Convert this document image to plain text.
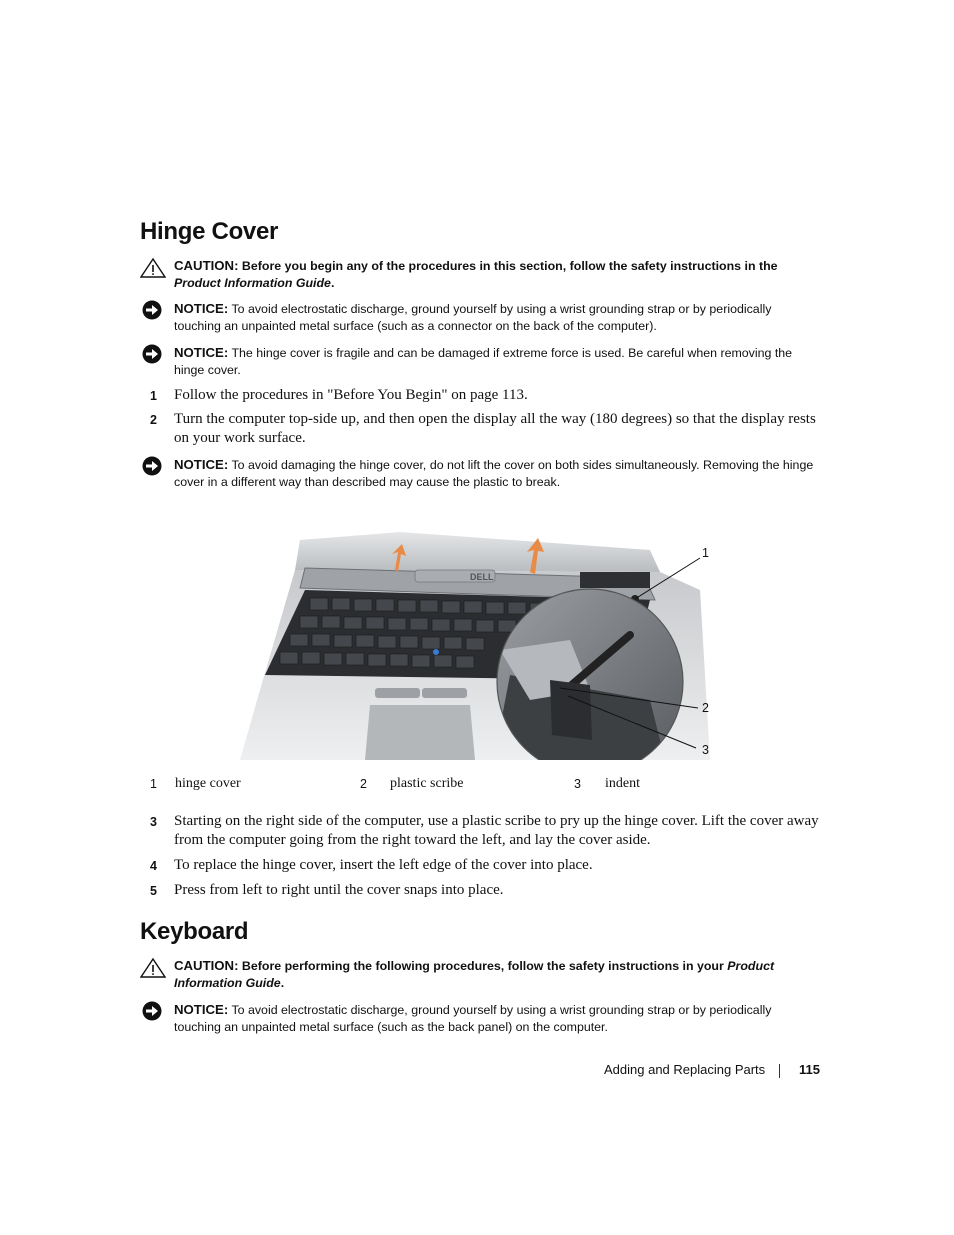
Hinge Cover
CAUTION: Before you begin any of the procedures in this section, follow the safety instructions in the Product Information Guide.
NOTICE: To avoid electrostatic discharge, ground yourself by using a wrist grounding strap or by periodically touching an unpainted metal surface (such as a connector on the back of the computer).
NOTICE: The hinge cover is fragile and can be damaged if extreme force is used. Be careful when removing the hinge cover.
1 Follow the procedures in "Before You Begin" on page 113.
2 Turn the computer top-side up, and then open the display all the way (180 degrees) so that the display rests on your work surface.
NOTICE: To avoid damaging the hinge cover, do not lift the cover on both sides simultaneously. Removing the hinge cover in a different way than described may cause the plastic to break.
DELL
1
2
3
1 hinge cover	2 plastic scribe	3 indent
3 Starting on the right side of the computer, use a plastic scribe to pry up the hinge cover. Lift the cover away from the computer going from the right toward the left, and lay the cover aside.
4 To replace the hinge cover, insert the left edge of the cover into place.
5 Press from left to right until the cover snaps into place.
Keyboard
CAUTION: Before performing the following procedures, follow the safety instructions in your Product Information Guide.
NOTICE: To avoid electrostatic discharge, ground yourself by using a wrist grounding strap or by periodically touching an unpainted metal surface (such as the back panel) on the computer.
Adding and Replacing Parts	115
